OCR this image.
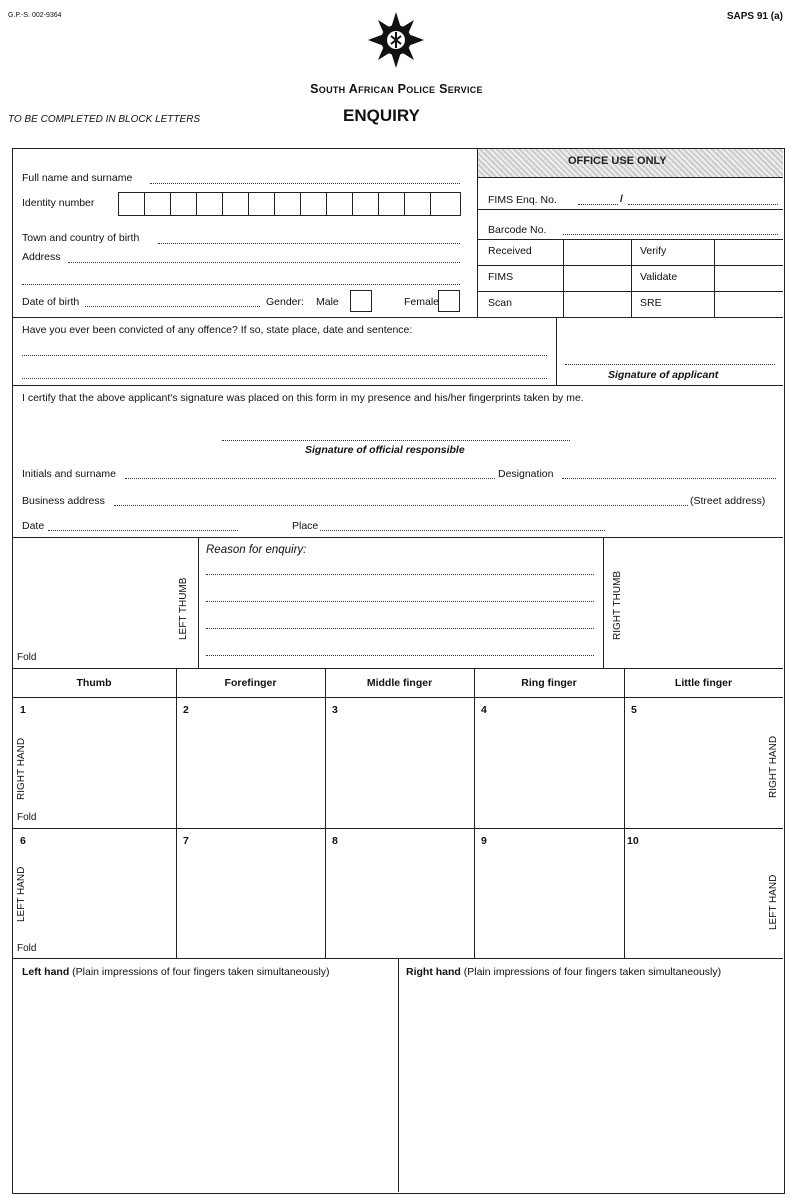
G.P.-S. 002-9364	SAPS 91 (a)
South African Police Service
TO BE COMPLETED IN BLOCK LETTERS	ENQUIRY
Full name and surname
Identity number
Town and country of birth
Address
Date of birth	Gender: Male	Female
OFFICE USE ONLY
FIMS Enq. No.	/
Barcode No.
Received	Verify
FIMS	Validate
Scan	SRE
Have you ever been convicted of any offence? If so, state place, date and sentence:
Signature of applicant
I certify that the above applicant's signature was placed on this form in my presence and his/her fingerprints taken by me.
Signature of official responsible
Initials and surname	Designation
Business address	(Street address)
Date	Place
LEFT THUMB	RIGHT THUMB
Fold
Reason for enquiry:
Thumb	Forefinger	Middle finger	Ring finger	Little finger
1	2	3	4	5
RIGHT HAND	RIGHT HAND
Fold
6	7	8	9	10
LEFT HAND	LEFT HAND
Fold
Left hand (Plain impressions of four fingers taken simultaneously)	Right hand (Plain impressions of four fingers taken simultaneously)
